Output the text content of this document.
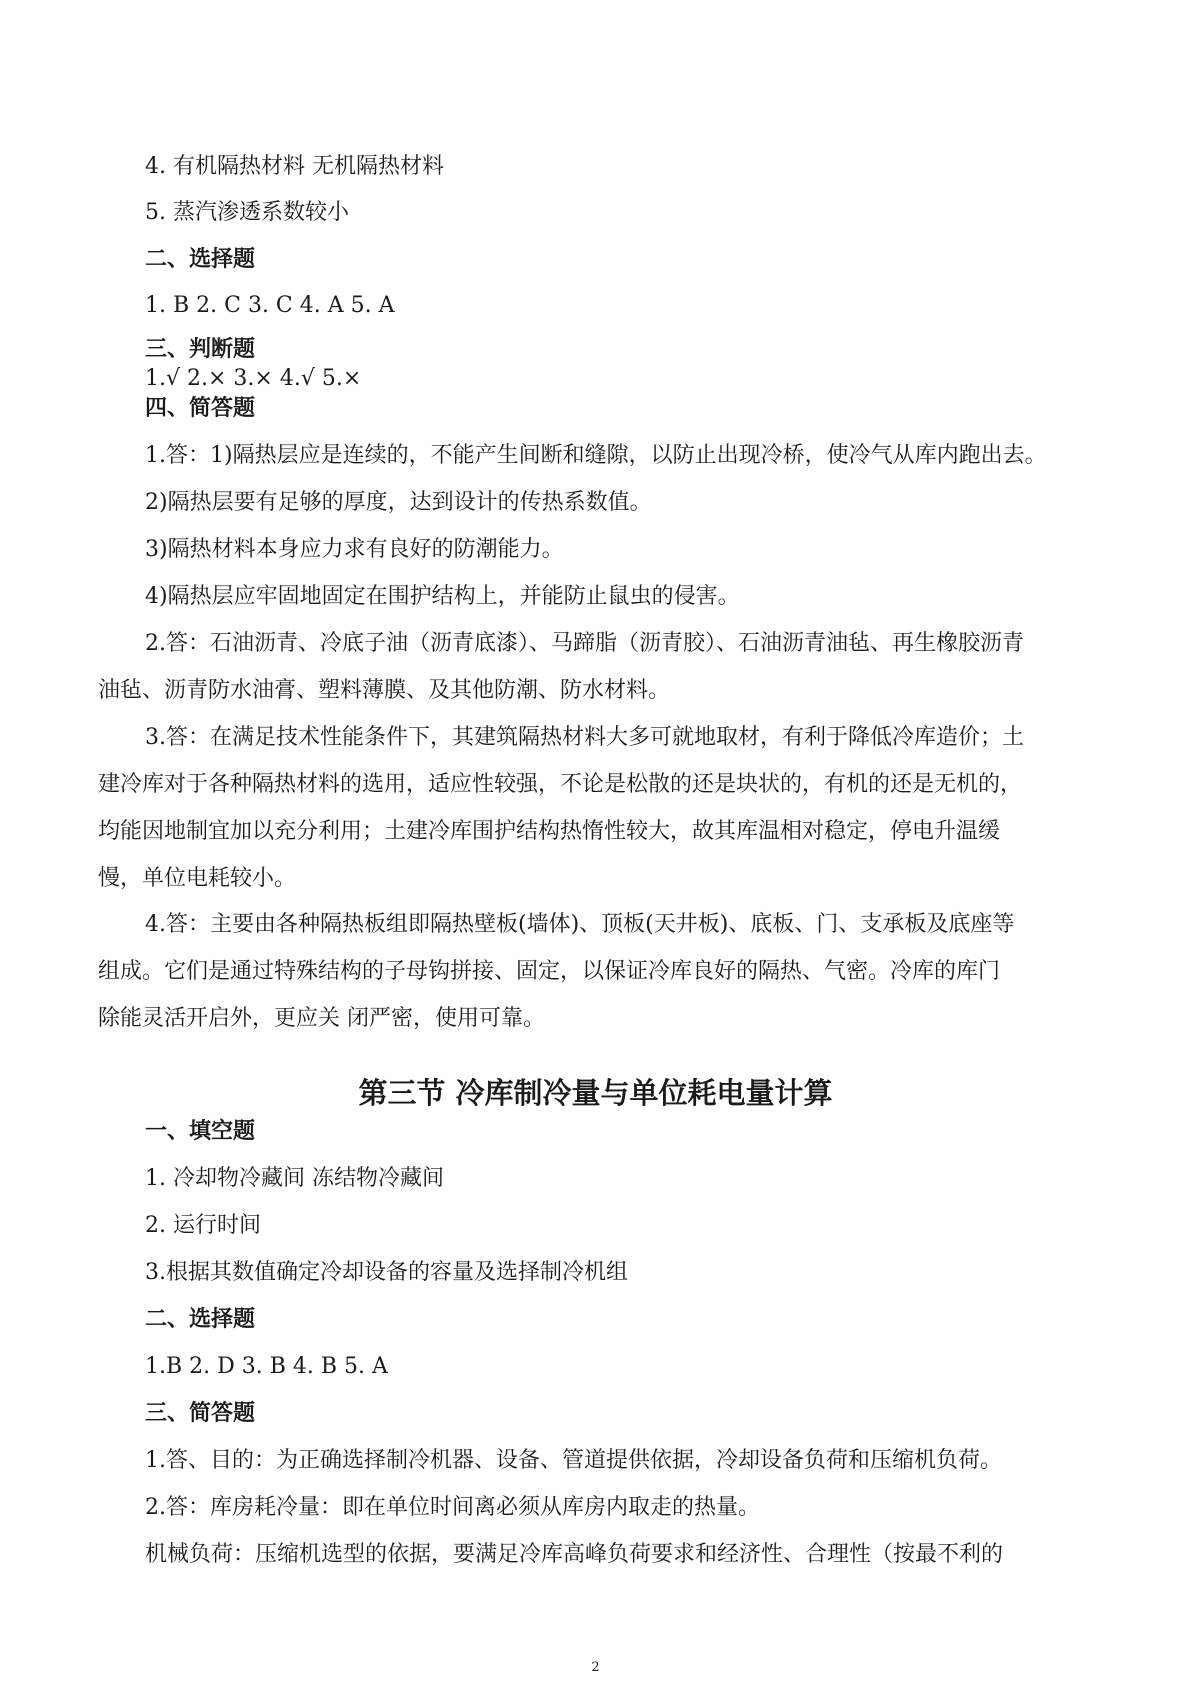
4. 有机隔热材料 无机隔热材料

5. 蒸汽渗透系数较小

二、选择题

1. B 2. C 3. C 4. A 5. A

三、判断题

1.√ 2.× 3.× 4.√ 5.×

四、简答题

1.答：1)隔热层应是连续的，不能产生间断和缝隙，以防止出现冷桥，使冷气从库内跑出去。

2)隔热层要有足够的厚度，达到设计的传热系数值。

3)隔热材料本身应力求有良好的防潮能力。

4)隔热层应牢固地固定在围护结构上，并能防止鼠虫的侵害。

2.答：石油沥青、冷底子油（沥青底漆）、马蹄脂（沥青胶）、石油沥青油毡、再生橡胶沥青

油毡、沥青防水油膏、塑料薄膜、及其他防潮、防水材料。

3.答：在满足技术性能条件下，其建筑隔热材料大多可就地取材，有利于降低冷库造价；土

建冷库对于各种隔热材料的选用，适应性较强，不论是松散的还是块状的，有机的还是无机的，

均能因地制宜加以充分利用；土建冷库围护结构热惰性较大，故其库温相对稳定，停电升温缓

慢，单位电耗较小。

4.答：主要由各种隔热板组即隔热壁板(墙体)、顶板(天井板)、底板、门、支承板及底座等

组成。它们是通过特殊结构的子母钩拼接、固定，以保证冷库良好的隔热、气密。冷库的库门

除能灵活开启外，更应关 闭严密，使用可靠。

第三节 冷库制冷量与单位耗电量计算

一、填空题

1. 冷却物冷藏间 冻结物冷藏间

2. 运行时间

3.根据其数值确定冷却设备的容量及选择制冷机组

二、选择题

1.B 2. D 3. B 4. B 5. A

三、简答题

1.答、目的：为正确选择制冷机器、设备、管道提供依据，冷却设备负荷和压缩机负荷。

2.答：库房耗冷量：即在单位时间离必须从库房内取走的热量。

机械负荷：压缩机选型的依据，要满足冷库高峰负荷要求和经济性、合理性（按最不利的

2
